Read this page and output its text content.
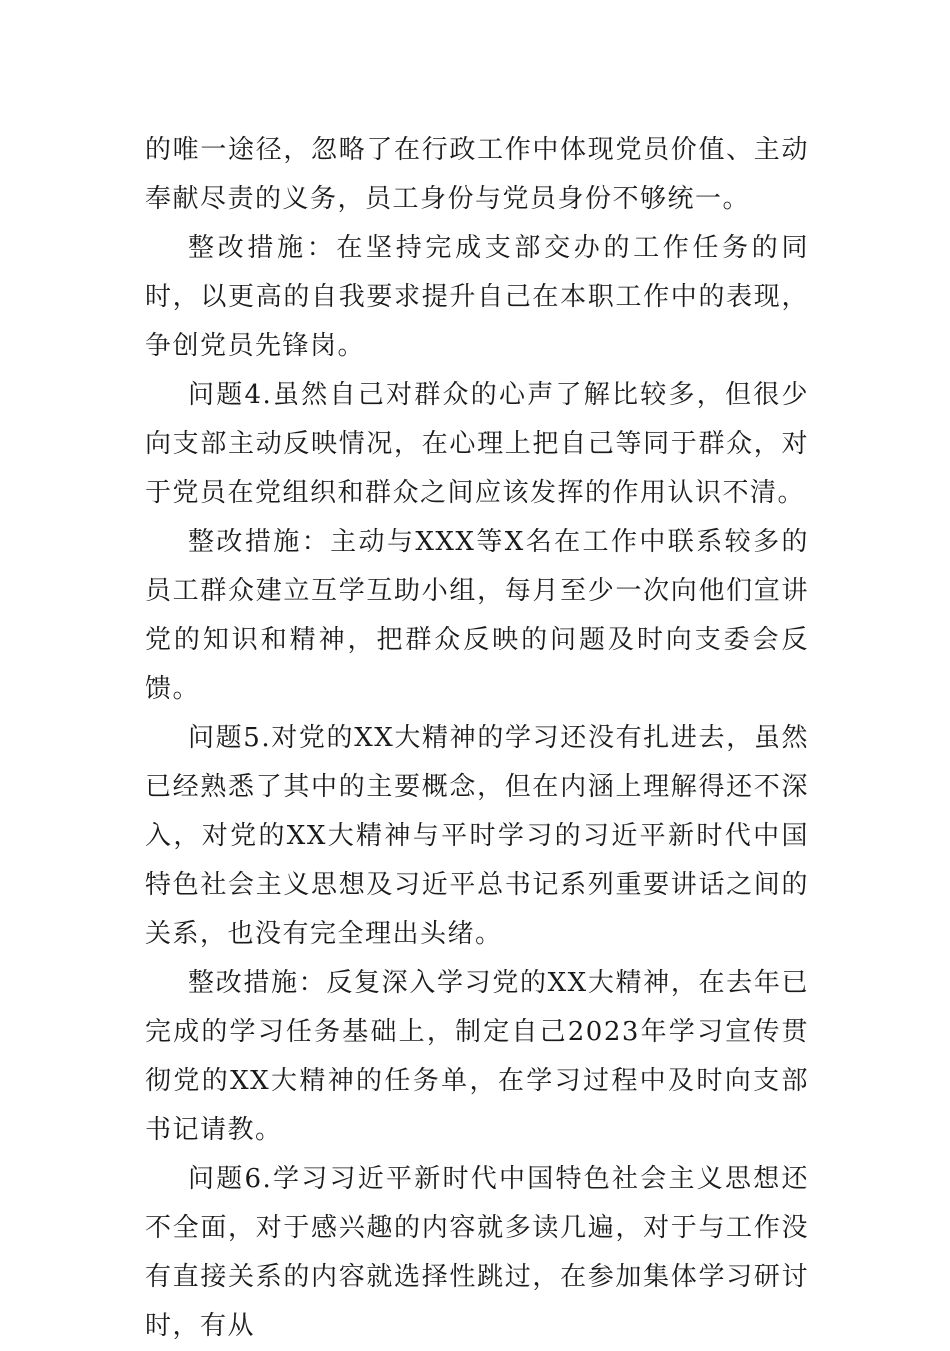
的唯一途径，忽略了在行政工作中体现党员价值、主动奉献尽责的义务，员工身份与党员身份不够统一。

整改措施：在坚持完成支部交办的工作任务的同时，以更高的自我要求提升自己在本职工作中的表现，争创党员先锋岗。

问题4.虽然自己对群众的心声了解比较多，但很少向支部主动反映情况，在心理上把自己等同于群众，对于党员在党组织和群众之间应该发挥的作用认识不清。

整改措施：主动与XXX等X名在工作中联系较多的员工群众建立互学互助小组，每月至少一次向他们宣讲党的知识和精神，把群众反映的问题及时向支委会反馈。

问题5.对党的XX大精神的学习还没有扎进去，虽然已经熟悉了其中的主要概念，但在内涵上理解得还不深入，对党的XX大精神与平时学习的习近平新时代中国特色社会主义思想及习近平总书记系列重要讲话之间的关系，也没有完全理出头绪。

整改措施：反复深入学习党的XX大精神，在去年已完成的学习任务基础上，制定自己2023年学习宣传贯彻党的XX大精神的任务单，在学习过程中及时向支部书记请教。

问题6.学习习近平新时代中国特色社会主义思想还不全面，对于感兴趣的内容就多读几遍，对于与工作没有直接关系的内容就选择性跳过，在参加集体学习研讨时，有从
